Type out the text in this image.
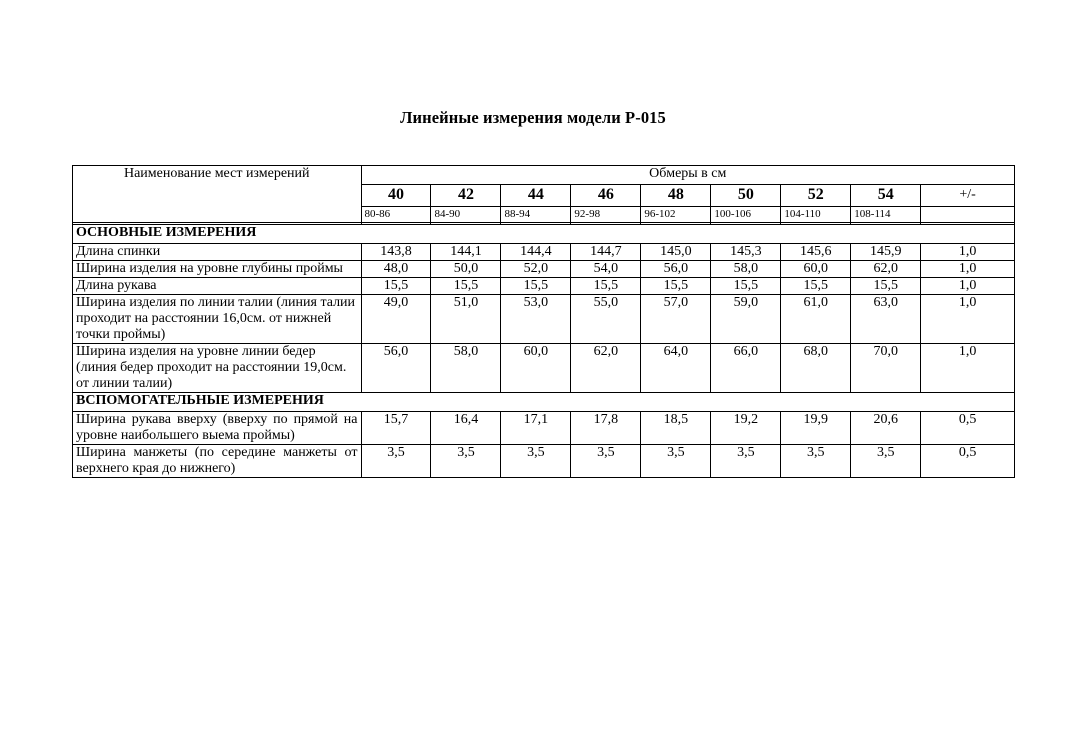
Линейные измерения модели Р-015
Наименование мест измерений	Обмеры в см								
	40	42	44	46	48	50	52	54	+/-
	80-86	84-90	88-94	92-98	96-102	100-106	104-110	108-114	

ОСНОВНЫЕ ИЗМЕРЕНИЯ									
Длина спинки	143,8	144,1	144,4	144,7	145,0	145,3	145,6	145,9	1,0
Ширина изделия на уровне глубины проймы	48,0	50,0	52,0	54,0	56,0	58,0	60,0	62,0	1,0
Длина рукава	15,5	15,5	15,5	15,5	15,5	15,5	15,5	15,5	1,0
Ширина изделия по линии талии (линия талии проходит на расстоянии 16,0см. от нижней точки проймы)	49,0	51,0	53,0	55,0	57,0	59,0	61,0	63,0	1,0
Ширина изделия на уровне линии бедер (линия бедер проходит на расстоянии 19,0см. от линии талии)	56,0	58,0	60,0	62,0	64,0	66,0	68,0	70,0	1,0
ВСПОМОГАТЕЛЬНЫЕ ИЗМЕРЕНИЯ									
Ширина рукава вверху (вверху по прямой на уровне наибольшего выема проймы)	15,7	16,4	17,1	17,8	18,5	19,2	19,9	20,6	0,5
Ширина манжеты (по середине манжеты от верхнего края до нижнего)	3,5	3,5	3,5	3,5	3,5	3,5	3,5	3,5	0,5
